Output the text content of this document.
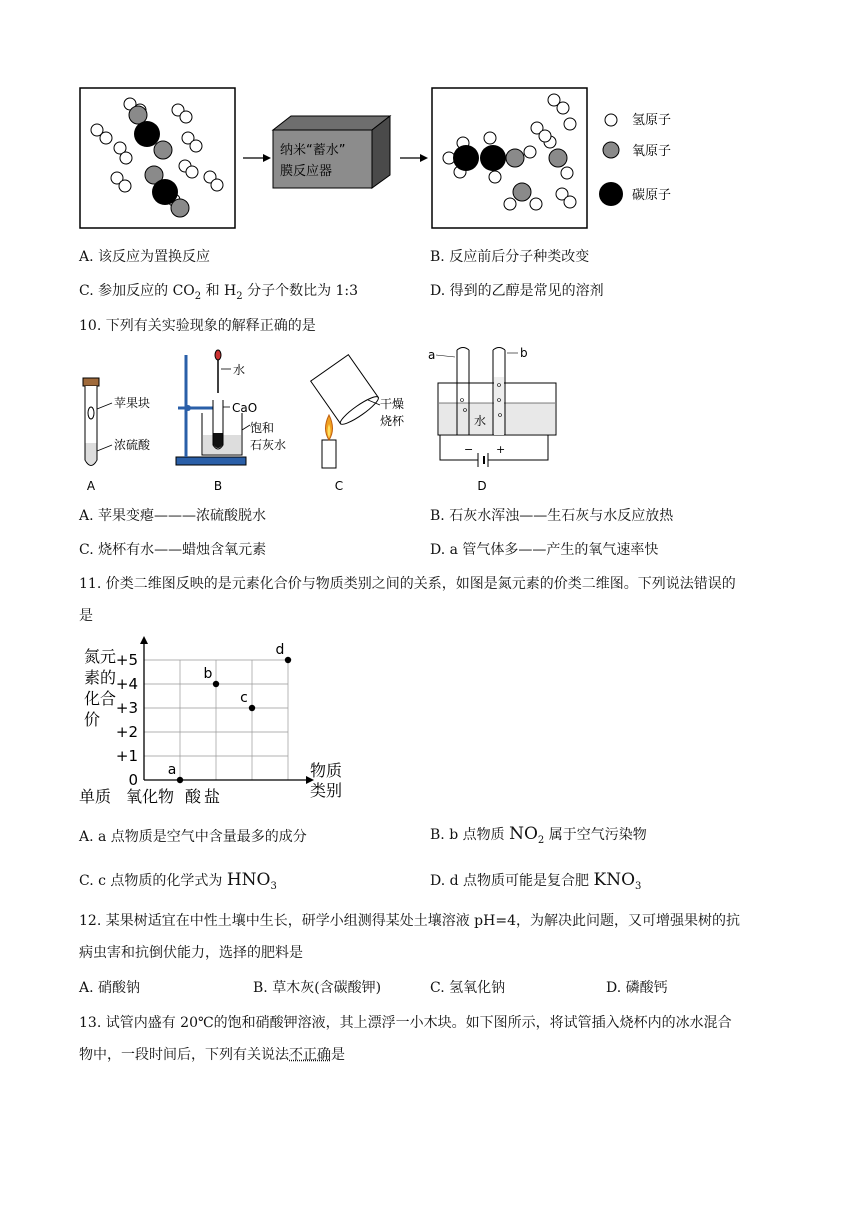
纳米“蓄水”
膜反应器
氢原子
氧原子
碳原子
A. 该反应为置换反应	B. 反应前后分子种类改变
C. 参加反应的 $CO_2$ 和 $H_2$ 分子个数比为 1:3	D. 得到的乙醇是常见的溶剂
10. 下列有关实验现象的解释正确的是
苹果块
浓硫酸
A
水
CaO
饱和
石灰水
B
干燥
烧杯
C
a	b
水
− +
D
A. 苹果变瘪———浓硫酸脱水	B. 石灰水浑浊——生石灰与水反应放热
C. 烧杯有水——蜡烛含氧元素	D. a 管气体多——产生的氧气速率快
11. 价类二维图反映的是元素化合价与物质类别之间的关系，如图是氮元素的价类二维图。下列说法错误的
是
氮元
素的
化合
价
物质
类别
0
+1
+2
+3
+4
+5
单质 氧化物 酸 盐
a
b
c
d
A. a 点物质是空气中含量最多的成分	B. b 点物质 $NO_2$ 属于空气污染物
C. c 点物质的化学式为 $HNO_3$	D. d 点物质可能是复合肥 $KNO_3$
12. 某果树适宜在中性土壤中生长，研学小组测得某处土壤溶液 pH=4，为解决此问题，又可增强果树的抗
病虫害和抗倒伏能力，选择的肥料是
A. 硝酸钠	B. 草木灰(含碳酸钾)	C. 氢氧化钠	D. 磷酸钙
13. 试管内盛有 20℃的饱和硝酸钾溶液，其上漂浮一小木块。如下图所示，将试管插入烧杯内的冰水混合
物中，一段时间后，下列有关说法不正确是
